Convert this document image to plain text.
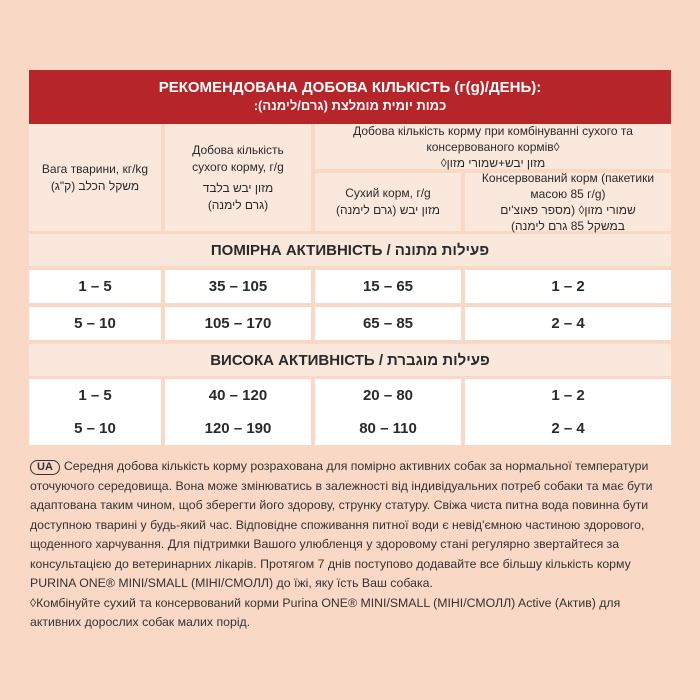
РЕКОМЕНДОВАНА ДОБОВА КІЛЬКІСТЬ (г(g)/ДЕНЬ):
כמות יומית מומלצת (גרם/לימנה):
Вага тварини, кг/kg
משקל הכלב (ק"ג)
Добова кількість
сухого корму, г/g
מזון יבש בלבד
(גרם לימנה)
Добова кількість корму при комбінуванні сухого та консервованого кормів◊
מזון יבש+שמורי מזון◊
Сухий корм, г/g
מזון יבש (גרם לימנה)
Консервований корм (пакетики масою 85 г/g)
שמורי מזון◊ (מספר פאוצ'ים
במשקל 85 גרם לימנה)
ПОМІРНА АКТИВНІСТЬ / פעילות מתונה
1 – 5	35 – 105	15 – 65	1 – 2
5 – 10	105 – 170	65 – 85	2 – 4
ВИСОКА АКТИВНІСТЬ / פעילות מוגברת
1 – 5	40 – 120	20 – 80	1 – 2
5 – 10	120 – 190	80 – 110	2 – 4
UA Середня добова кількість корму розрахована для помірно активних собак за нормальної температури оточуючого середовища. Вона може змінюватись в залежності від індивідуальних потреб собаки та має бути адаптована таким чином, щоб зберегти його здорову, струнку статуру. Свіжа чиста питна вода повинна бути доступною тварині у будь-який час. Відповідне споживання питної води є невід'ємною частиною здорового, щоденного харчування. Для підтримки Вашого улюбленця у здоровому стані регулярно звертайтеся за консультацією до ветеринарних лікарів. Протягом 7 днів поступово додавайте все більшу кількість корму PURINA ONE® MINI/SMALL (МІНІ/СМОЛЛ) до їжі, яку їсть Ваш собака.
◊Комбінуйте сухий та консервований корми Purina ONE® MINI/SMALL (МІНІ/СМОЛЛ) Active (Актив) для активних дорослих собак малих порід.
